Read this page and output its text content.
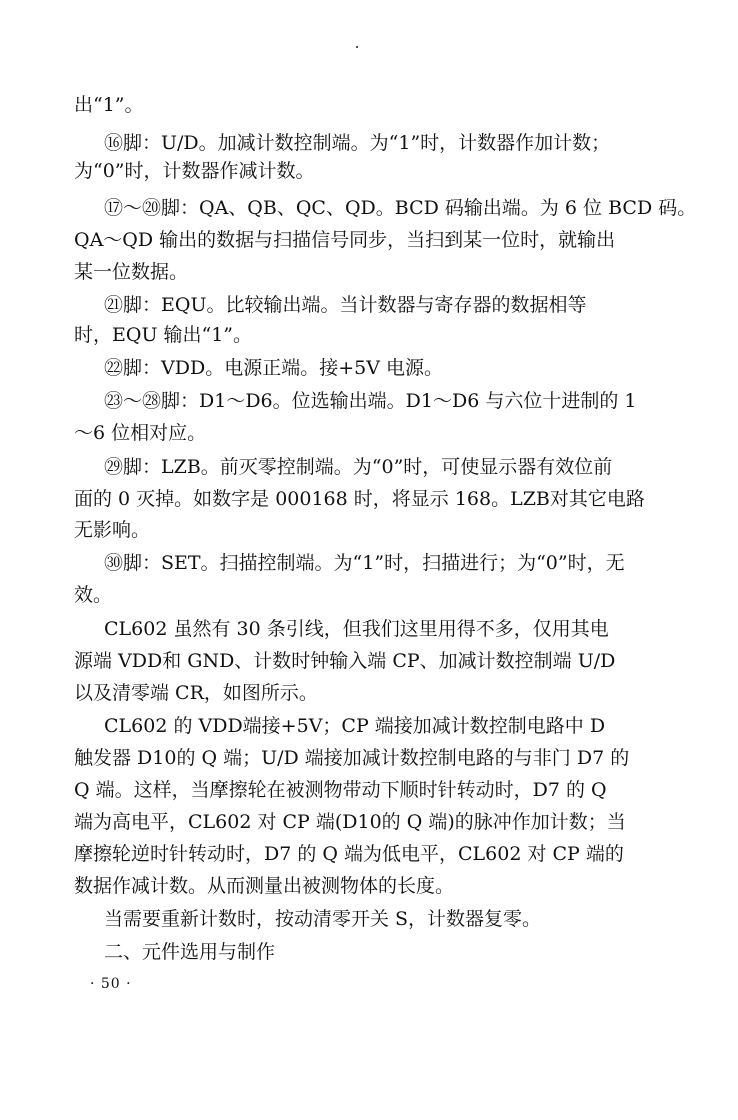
出“1”。

⑯脚：U/D。加减计数控制端。为“1”时，计数器作加计数；

为“0”时，计数器作减计数。

⑰～⑳脚：QA、QB、QC、QD。BCD 码输出端。为 6 位 BCD 码。

QA～QD 输出的数据与扫描信号同步，当扫到某一位时，就输出

某一位数据。

㉑脚：EQU。比较输出端。当计数器与寄存器的数据相等

时，EQU 输出“1”。

㉒脚：VDD。电源正端。接+5V 电源。

㉓～㉘脚：D1～D6。位选输出端。D1～D6 与六位十进制的 1

～6 位相对应。

㉙脚：LZB。前灭零控制端。为“0”时，可使显示器有效位前

面的 0 灭掉。如数字是 000168 时，将显示 168。LZB对其它电路

无影响。

㉚脚：SET。扫描控制端。为“1”时，扫描进行；为“0”时，无

效。

CL602 虽然有 30 条引线，但我们这里用得不多，仅用其电

源端 VDD和 GND、计数时钟输入端 CP、加减计数控制端 U/D

以及清零端 CR，如图所示。

CL602 的 VDD端接+5V；CP 端接加减计数控制电路中 D

触发器 D10的 Q 端；U/D 端接加减计数控制电路的与非门 D7 的

Q 端。这样，当摩擦轮在被测物带动下顺时针转动时，D7 的 Q

端为高电平，CL602 对 CP 端(D10的 Q 端)的脉冲作加计数；当

摩擦轮逆时针转动时，D7 的 Q 端为低电平，CL602 对 CP 端的

数据作减计数。从而测量出被测物体的长度。

当需要重新计数时，按动清零开关 S，计数器复零。

二、元件选用与制作

· 50 ·
